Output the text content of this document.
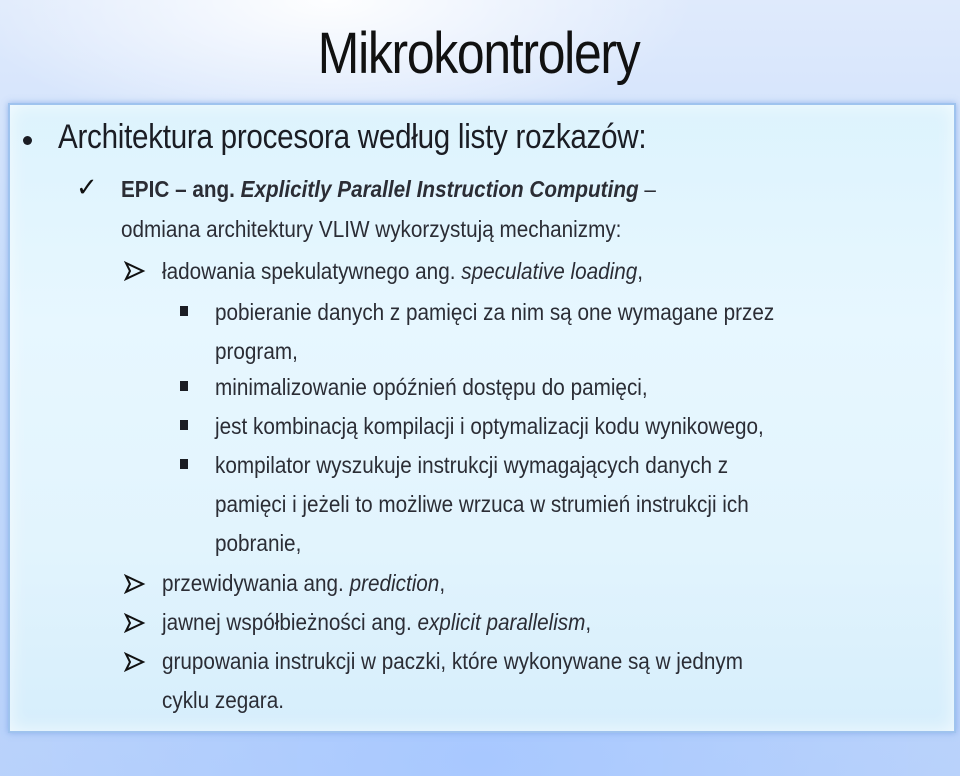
Mikrokontrolery
Architektura procesora według listy rozkazów:
✓ EPIC – ang. Explicitly Parallel Instruction Computing –
odmiana architektury VLIW wykorzystują mechanizmy:
ładowania spekulatywnego ang. speculative loading,
pobieranie danych z pamięci za nim są one wymagane przez
program,
minimalizowanie opóźnień dostępu do pamięci,
jest kombinacją kompilacji i optymalizacji kodu wynikowego,
kompilator wyszukuje instrukcji wymagających danych z
pamięci i jeżeli to możliwe wrzuca w strumień instrukcji ich
pobranie,
przewidywania ang. prediction,
jawnej współbieżności ang. explicit parallelism,
grupowania instrukcji w paczki, które wykonywane są w jednym
cyklu zegara.
